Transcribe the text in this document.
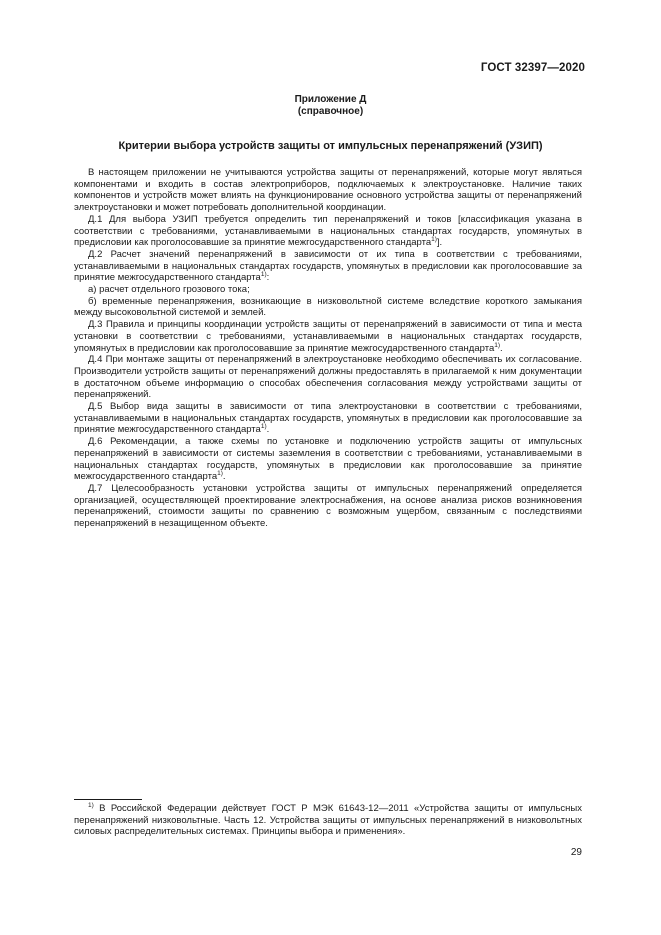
ГОСТ 32397—2020
Приложение Д
(справочное)
Критерии выбора устройств защиты от импульсных перенапряжений (УЗИП)

В настоящем приложении не учитываются устройства защиты от перенапряжений, которые могут являться компонентами и входить в состав электроприборов, подключаемых к электроустановке. Наличие таких компонентов и устройств может влиять на функционирование основного устройства защиты от перенапряжений электроустановки и может потребовать дополнительной координации.

Д.1 Для выбора УЗИП требуется определить тип перенапряжений и токов [классификация указана в соответствии с требованиями, устанавливаемыми в национальных стандартах государств, упомянутых в предисловии как проголосовавшие за принятие межгосударственного стандарта$^{1)}$].

Д.2 Расчет значений перенапряжений в зависимости от их типа в соответствии с требованиями, устанавливаемыми в национальных стандартах государств, упомянутых в предисловии как проголосовавшие за принятие межгосударственного стандарта$^{1)}$:

а) расчет отдельного грозового тока;

б) временные перенапряжения, возникающие в низковольтной системе вследствие короткого замыкания между высоковольтной системой и землей.

Д.3 Правила и принципы координации устройств защиты от перенапряжений в зависимости от типа и места установки в соответствии с требованиями, устанавливаемыми в национальных стандартах государств, упомянутых в предисловии как проголосовавшие за принятие межгосударственного стандарта$^{1)}$.

Д.4 При монтаже защиты от перенапряжений в электроустановке необходимо обеспечивать их согласование. Производители устройств защиты от перенапряжений должны предоставлять в прилагаемой к ним документации в достаточном объеме информацию о способах обеспечения согласования между устройствами защиты от перенапряжений.

Д.5 Выбор вида защиты в зависимости от типа электроустановки в соответствии с требованиями, устанавливаемыми в национальных стандартах государств, упомянутых в предисловии как проголосовавшие за принятие межгосударственного стандарта$^{1)}$.

Д.6 Рекомендации, а также схемы по установке и подключению устройств защиты от импульсных перенапряжений в зависимости от системы заземления в соответствии с требованиями, устанавливаемыми в национальных стандартах государств, упомянутых в предисловии как проголосовавшие за принятие межгосударственного стандарта$^{1)}$.

Д.7 Целесообразность установки устройства защиты от импульсных перенапряжений определяется организацией, осуществляющей проектирование электроснабжения, на основе анализа рисков возникновения перенапряжений, стоимости защиты по сравнению с возможным ущербом, связанным с последствиями перенапряжений в незащищенном объекте.

$^{1)}$ В Российской Федерации действует ГОСТ Р МЭК 61643-12—2011 «Устройства защиты от импульсных перенапряжений низковольтные. Часть 12. Устройства защиты от импульсных перенапряжений в низковольтных силовых распределительных системах. Принципы выбора и применения».
29
